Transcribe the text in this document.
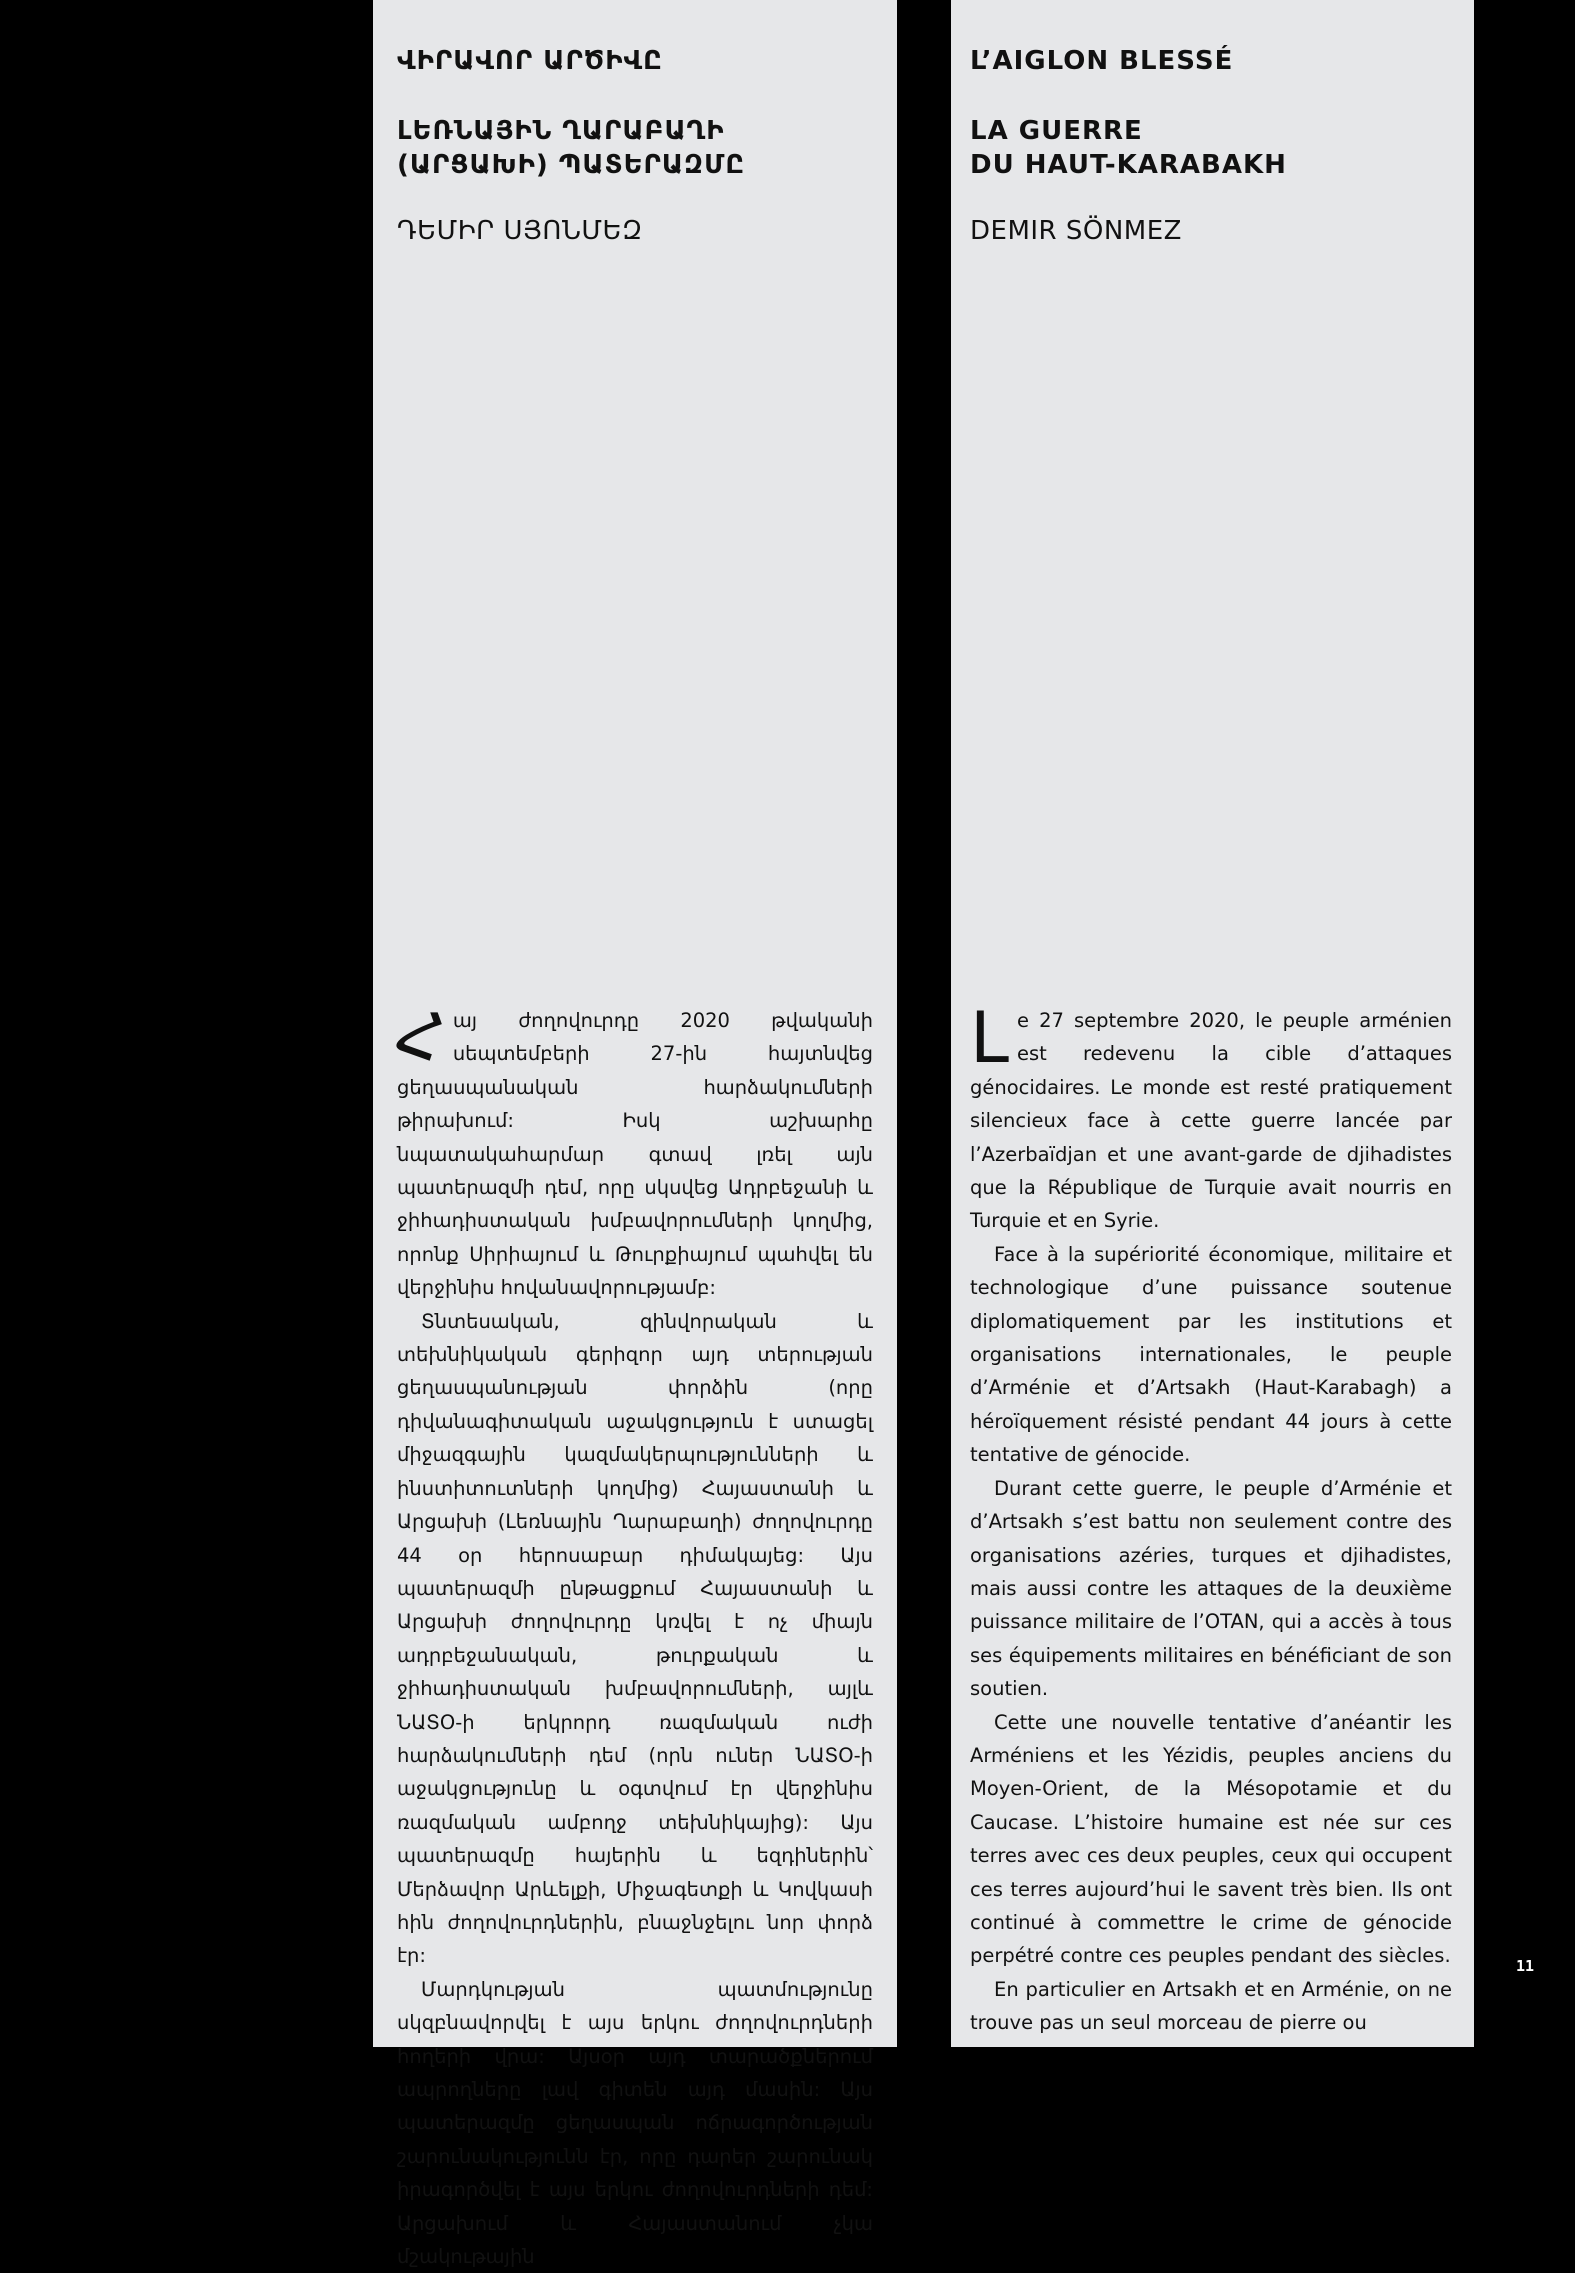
ՎԻՐԱՎՈՐ ԱՐԾԻՎԸ
ԼԵՌՆԱՅԻՆ ՂԱՐԱԲԱՂԻ
(ԱՐՑԱԽԻ) ՊԱՏԵՐԱԶՄԸ
ԴԵՄԻՐ ՍՅՈՆՄԵԶ

Հայ ժողովուրդը 2020 թվականի սեպտեմբերի 27-ին հայտնվեց ցեղասպանական հարձակումների թիրախում: Իսկ աշխարհը նպատակահարմար գտավ լռել այն պատերազմի դեմ, որը սկսվեց Ադրբեջանի և ջիհադիստական խմբավորումների կողմից, որոնք Սիրիայում և Թուրքիայում պահվել են վերջինիս հովանավորությամբ:

Տնտեսական, զինվորական և տեխնիկական գերիզոր այդ տերության ցեղասպանության փորձին (որը դիվանագիտական աջակցություն է ստացել միջազգային կազմակերպությունների և ինստիտուտների կողմից) Հայաստանի և Արցախի (Լեռնային Ղարաբաղի) ժողովուրդը 44 օր հերոսաբար դիմակայեց: Այս պատերազմի ընթացքում Հայաստանի և Արցախի ժողովուրդը կռվել է ոչ միայն ադրբեջանական, թուրքական և ջիհադիստական խմբավորումների, այլև ՆԱՏՕ-ի երկրորդ ռազմական ուժի հարձակումների դեմ (որն ուներ ՆԱՏՕ-ի աջակցությունը և օգտվում էր վերջինիս ռազմական ամբողջ տեխնիկայից): Այս պատերազմը հայերին և եզդիներին՝ Մերձավոր Արևելքի, Միջագետքի և Կովկասի հին ժողովուրդներին, բնաջնջելու նոր փորձ էր:

Մարդկության պատմությունը սկզբնավորվել է այս երկու ժողովուրդների հողերի վրա: Այսօր այդ տարածքներում ապրողները լավ գիտեն այդ մասին: Այս պատերազմը ցեղասպան ոճրագործության շարունակությունն էր, որը դարեր շարունակ իրագործվել է այս երկու ժողովուրդների դեմ: Արցախում և Հայաստանում չկա մշակութային

L’AIGLON BLESSÉ
LA GUERRE
DU HAUT-KARABAKH
DEMIR SÖNMEZ

Le 27 septembre 2020, le peuple arménien est redevenu la cible d’attaques génocidaires. Le monde est resté pratiquement silencieux face à cette guerre lancée par l’Azerbaïdjan et une avant-garde de djihadistes que la République de Turquie avait nourris en Turquie et en Syrie.

Face à la supériorité économique, militaire et technologique d’une puissance soutenue diplomatiquement par les institutions et organisations internationales, le peuple d’Arménie et d’Artsakh (Haut-Karabagh) a héroïquement résisté pendant 44 jours à cette tentative de génocide.

Durant cette guerre, le peuple d’Arménie et d’Artsakh s’est battu non seulement contre des organisations azéries, turques et djihadistes, mais aussi contre les attaques de la deuxième puissance militaire de l’OTAN, qui a accès à tous ses équipements militaires en bénéficiant de son soutien.

Cette une nouvelle tentative d’anéantir les Arméniens et les Yézidis, peuples anciens du Moyen-Orient, de la Mésopotamie et du Caucase. L’histoire humaine est née sur ces terres avec ces deux peuples, ceux qui occupent ces terres aujourd’hui le savent très bien. Ils ont continué à commettre le crime de génocide perpétré contre ces peuples pendant des siècles.

En particulier en Artsakh et en Arménie, on ne trouve pas un seul morceau de pierre ou

11
